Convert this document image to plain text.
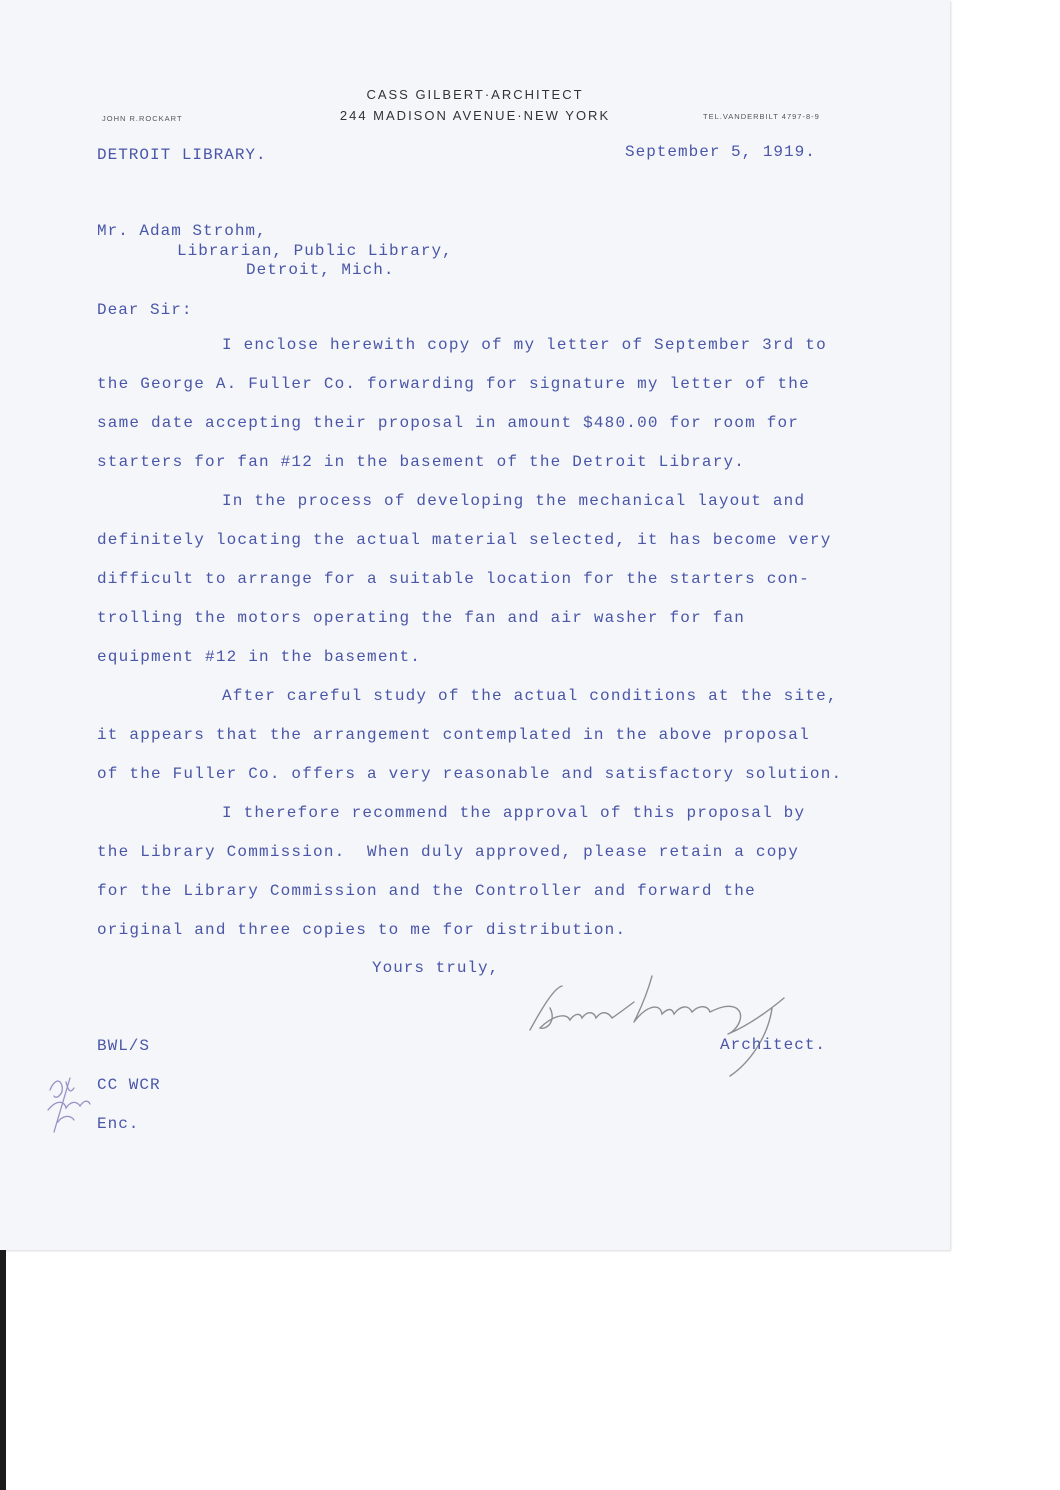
CASS GILBERT·ARCHITECT
244 MADISON AVENUE·NEW YORK
JOHN R.ROCKART	TEL.VANDERBILT 4797-8-9
DETROIT LIBRARY.	September 5, 1919.
Mr. Adam Strohm,
Librarian, Public Library,
Detroit, Mich.
Dear Sir:
I enclose herewith copy of my letter of September 3rd to
the George A. Fuller Co. forwarding for signature my letter of the
same date accepting their proposal in amount $480.00 for room for
starters for fan #12 in the basement of the Detroit Library.
In the process of developing the mechanical layout and
definitely locating the actual material selected, it has become very
difficult to arrange for a suitable location for the starters con-
trolling the motors operating the fan and air washer for fan
equipment #12 in the basement.
After careful study of the actual conditions at the site,
it appears that the arrangement contemplated in the above proposal
of the Fuller Co. offers a very reasonable and satisfactory solution.
I therefore recommend the approval of this proposal by
the Library Commission.  When duly approved, please retain a copy
for the Library Commission and the Controller and forward the
original and three copies to me for distribution.
Yours truly,
Architect.
BWL/S
CC WCR
Enc.
